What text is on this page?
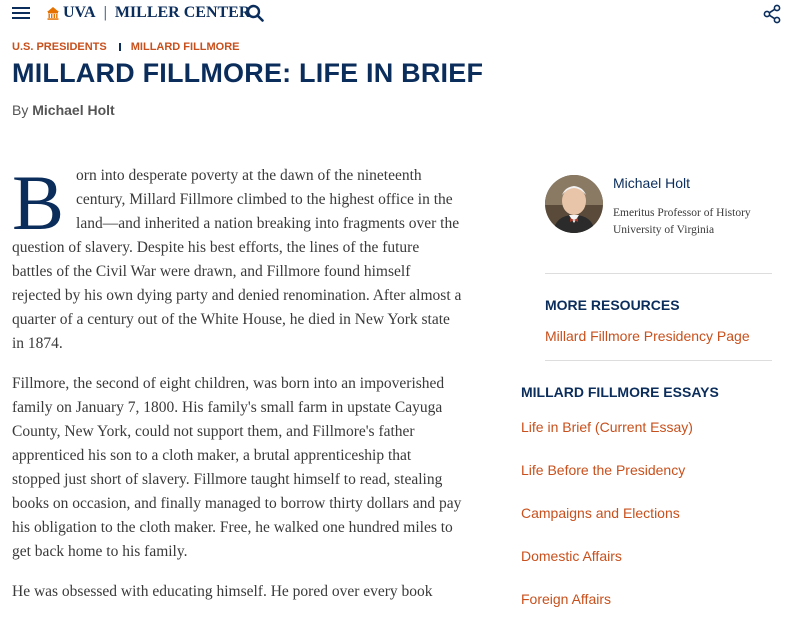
UVA | MILLER CENTER
U.S. PRESIDENTS MILLARD FILLMORE
MILLARD FILLMORE: LIFE IN BRIEF
By Michael Holt

Born into desperate poverty at the dawn of the nineteenth century, Millard Fillmore climbed to the highest office in the land—and inherited a nation breaking into fragments over the question of slavery. Despite his best efforts, the lines of the future battles of the Civil War were drawn, and Fillmore found himself rejected by his own dying party and denied renomination. After almost a quarter of a century out of the White House, he died in New York state in 1874.

Fillmore, the second of eight children, was born into an impoverished family on January 7, 1800. His family's small farm in upstate Cayuga County, New York, could not support them, and Fillmore's father apprenticed his son to a cloth maker, a brutal apprenticeship that stopped just short of slavery. Fillmore taught himself to read, stealing books on occasion, and finally managed to borrow thirty dollars and pay his obligation to the cloth maker. Free, he walked one hundred miles to get back home to his family.

He was obsessed with educating himself. He pored over every book

Michael Holt
Emeritus Professor of History University of Virginia
MORE RESOURCES
Millard Fillmore Presidency Page
MILLARD FILLMORE ESSAYS
Life in Brief (Current Essay)
Life Before the Presidency
Campaigns and Elections
Domestic Affairs
Foreign Affairs
